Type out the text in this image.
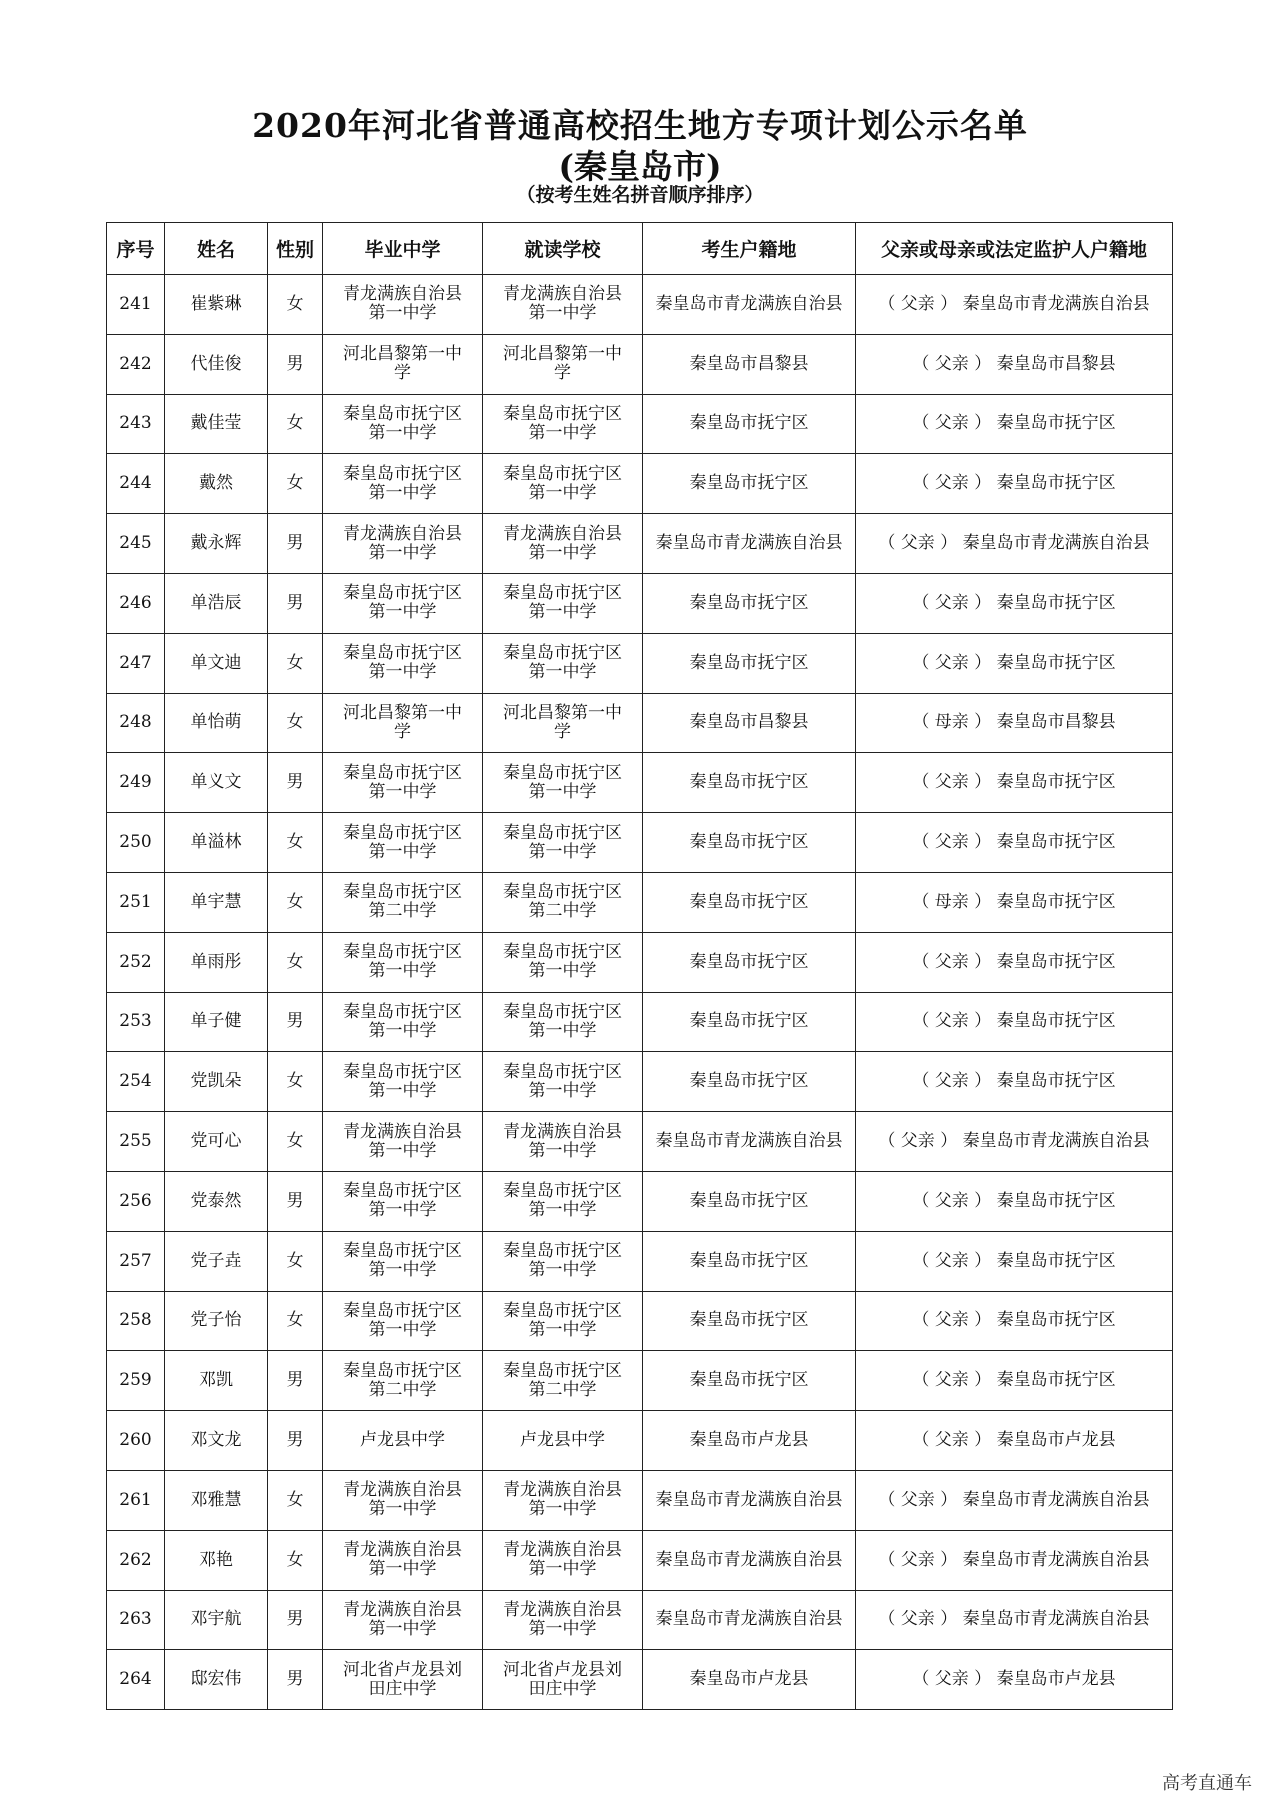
2020年河北省普通高校招生地方专项计划公示名单
(秦皇岛市)
（按考生姓名拼音顺序排序）
序号	姓名	性别	毕业中学	就读学校	考生户籍地	父亲或母亲或法定监护人户籍地
241	崔紫琳	女	青龙满族自治县第一中学	青龙满族自治县第一中学	秦皇岛市青龙满族自治县	（ 父亲 ） 秦皇岛市青龙满族自治县
242	代佳俊	男	河北昌黎第一中学	河北昌黎第一中学	秦皇岛市昌黎县	（ 父亲 ） 秦皇岛市昌黎县
243	戴佳莹	女	秦皇岛市抚宁区第一中学	秦皇岛市抚宁区第一中学	秦皇岛市抚宁区	（ 父亲 ） 秦皇岛市抚宁区
244	戴然	女	秦皇岛市抚宁区第一中学	秦皇岛市抚宁区第一中学	秦皇岛市抚宁区	（ 父亲 ） 秦皇岛市抚宁区
245	戴永辉	男	青龙满族自治县第一中学	青龙满族自治县第一中学	秦皇岛市青龙满族自治县	（ 父亲 ） 秦皇岛市青龙满族自治县
246	单浩辰	男	秦皇岛市抚宁区第一中学	秦皇岛市抚宁区第一中学	秦皇岛市抚宁区	（ 父亲 ） 秦皇岛市抚宁区
247	单文迪	女	秦皇岛市抚宁区第一中学	秦皇岛市抚宁区第一中学	秦皇岛市抚宁区	（ 父亲 ） 秦皇岛市抚宁区
248	单怡萌	女	河北昌黎第一中学	河北昌黎第一中学	秦皇岛市昌黎县	（ 母亲 ） 秦皇岛市昌黎县
249	单义文	男	秦皇岛市抚宁区第一中学	秦皇岛市抚宁区第一中学	秦皇岛市抚宁区	（ 父亲 ） 秦皇岛市抚宁区
250	单溢林	女	秦皇岛市抚宁区第一中学	秦皇岛市抚宁区第一中学	秦皇岛市抚宁区	（ 父亲 ） 秦皇岛市抚宁区
251	单宇慧	女	秦皇岛市抚宁区第二中学	秦皇岛市抚宁区第二中学	秦皇岛市抚宁区	（ 母亲 ） 秦皇岛市抚宁区
252	单雨彤	女	秦皇岛市抚宁区第一中学	秦皇岛市抚宁区第一中学	秦皇岛市抚宁区	（ 父亲 ） 秦皇岛市抚宁区
253	单子健	男	秦皇岛市抚宁区第一中学	秦皇岛市抚宁区第一中学	秦皇岛市抚宁区	（ 父亲 ） 秦皇岛市抚宁区
254	党凯朵	女	秦皇岛市抚宁区第一中学	秦皇岛市抚宁区第一中学	秦皇岛市抚宁区	（ 父亲 ） 秦皇岛市抚宁区
255	党可心	女	青龙满族自治县第一中学	青龙满族自治县第一中学	秦皇岛市青龙满族自治县	（ 父亲 ） 秦皇岛市青龙满族自治县
256	党泰然	男	秦皇岛市抚宁区第一中学	秦皇岛市抚宁区第一中学	秦皇岛市抚宁区	（ 父亲 ） 秦皇岛市抚宁区
257	党子垚	女	秦皇岛市抚宁区第一中学	秦皇岛市抚宁区第一中学	秦皇岛市抚宁区	（ 父亲 ） 秦皇岛市抚宁区
258	党子怡	女	秦皇岛市抚宁区第一中学	秦皇岛市抚宁区第一中学	秦皇岛市抚宁区	（ 父亲 ） 秦皇岛市抚宁区
259	邓凯	男	秦皇岛市抚宁区第二中学	秦皇岛市抚宁区第二中学	秦皇岛市抚宁区	（ 父亲 ） 秦皇岛市抚宁区
260	邓文龙	男	卢龙县中学	卢龙县中学	秦皇岛市卢龙县	（ 父亲 ） 秦皇岛市卢龙县
261	邓雅慧	女	青龙满族自治县第一中学	青龙满族自治县第一中学	秦皇岛市青龙满族自治县	（ 父亲 ） 秦皇岛市青龙满族自治县
262	邓艳	女	青龙满族自治县第一中学	青龙满族自治县第一中学	秦皇岛市青龙满族自治县	（ 父亲 ） 秦皇岛市青龙满族自治县
263	邓宇航	男	青龙满族自治县第一中学	青龙满族自治县第一中学	秦皇岛市青龙满族自治县	（ 父亲 ） 秦皇岛市青龙满族自治县
264	邸宏伟	男	河北省卢龙县刘田庄中学	河北省卢龙县刘田庄中学	秦皇岛市卢龙县	（ 父亲 ） 秦皇岛市卢龙县
高考直通车
